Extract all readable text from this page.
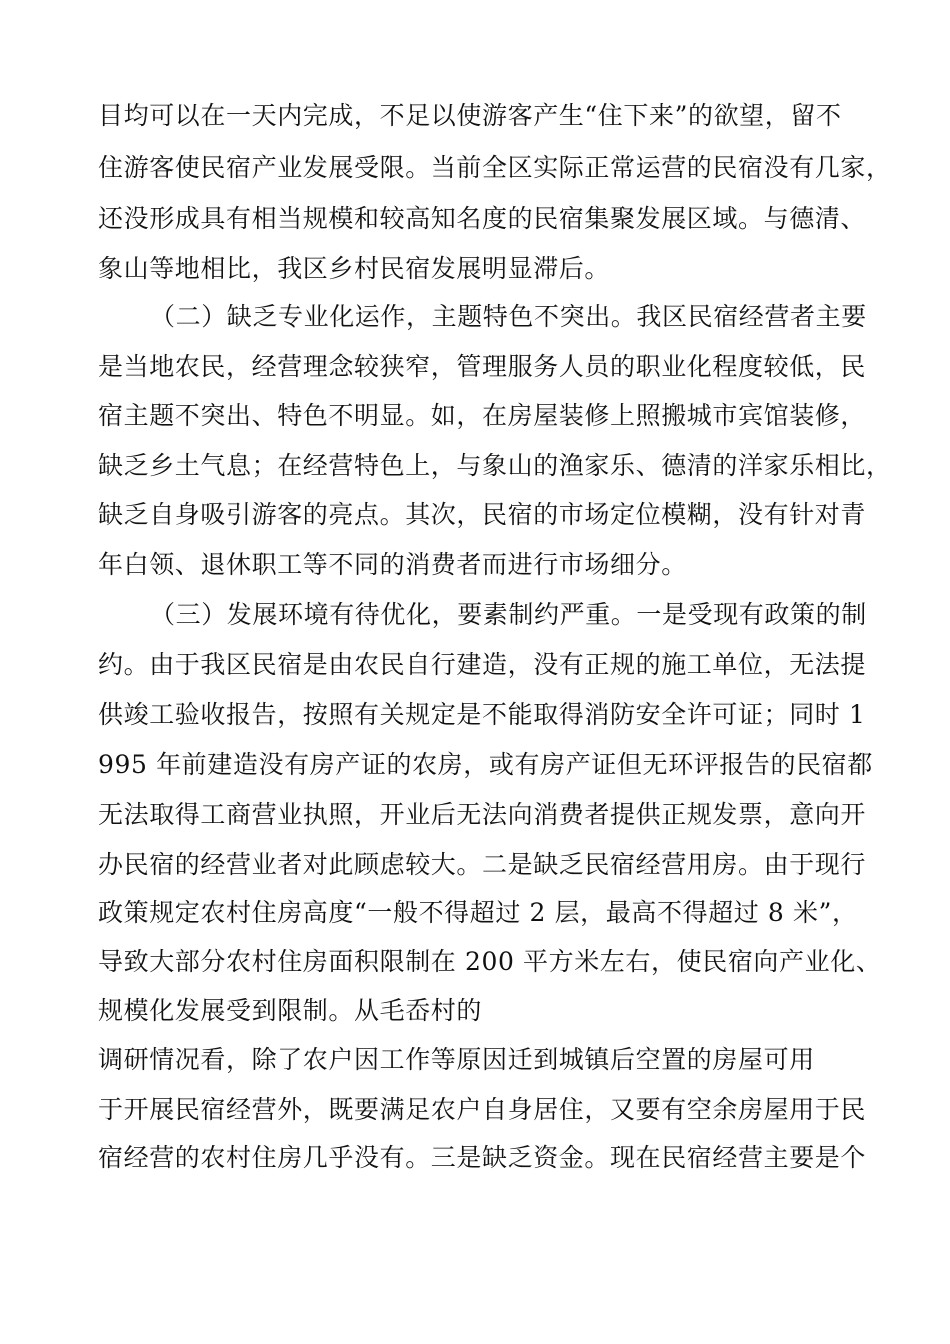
目均可以在一天内完成，不足以使游客产生“住下来”的欲望，留不
住游客使民宿产业发展受限。当前全区实际正常运营的民宿没有几家，
还没形成具有相当规模和较高知名度的民宿集聚发展区域。与德清、
象山等地相比，我区乡村民宿发展明显滞后。
（二）缺乏专业化运作，主题特色不突出。我区民宿经营者主要
是当地农民，经营理念较狭窄，管理服务人员的职业化程度较低，民
宿主题不突出、特色不明显。如，在房屋装修上照搬城市宾馆装修，
缺乏乡土气息；在经营特色上，与象山的渔家乐、德清的洋家乐相比，
缺乏自身吸引游客的亮点。其次，民宿的市场定位模糊，没有针对青
年白领、退休职工等不同的消费者而进行市场细分。
（三）发展环境有待优化，要素制约严重。一是受现有政策的制
约。由于我区民宿是由农民自行建造，没有正规的施工单位，无法提
供竣工验收报告，按照有关规定是不能取得消防安全许可证；同时 1
995 年前建造没有房产证的农房，或有房产证但无环评报告的民宿都
无法取得工商营业执照，开业后无法向消费者提供正规发票，意向开
办民宿的经营业者对此顾虑较大。二是缺乏民宿经营用房。由于现行
政策规定农村住房高度“一般不得超过 2 层，最高不得超过 8 米”，
导致大部分农村住房面积限制在 200 平方米左右，使民宿向产业化、
规模化发展受到限制。从毛岙村的
调研情况看，除了农户因工作等原因迁到城镇后空置的房屋可用
于开展民宿经营外，既要满足农户自身居住，又要有空余房屋用于民
宿经营的农村住房几乎没有。三是缺乏资金。现在民宿经营主要是个
